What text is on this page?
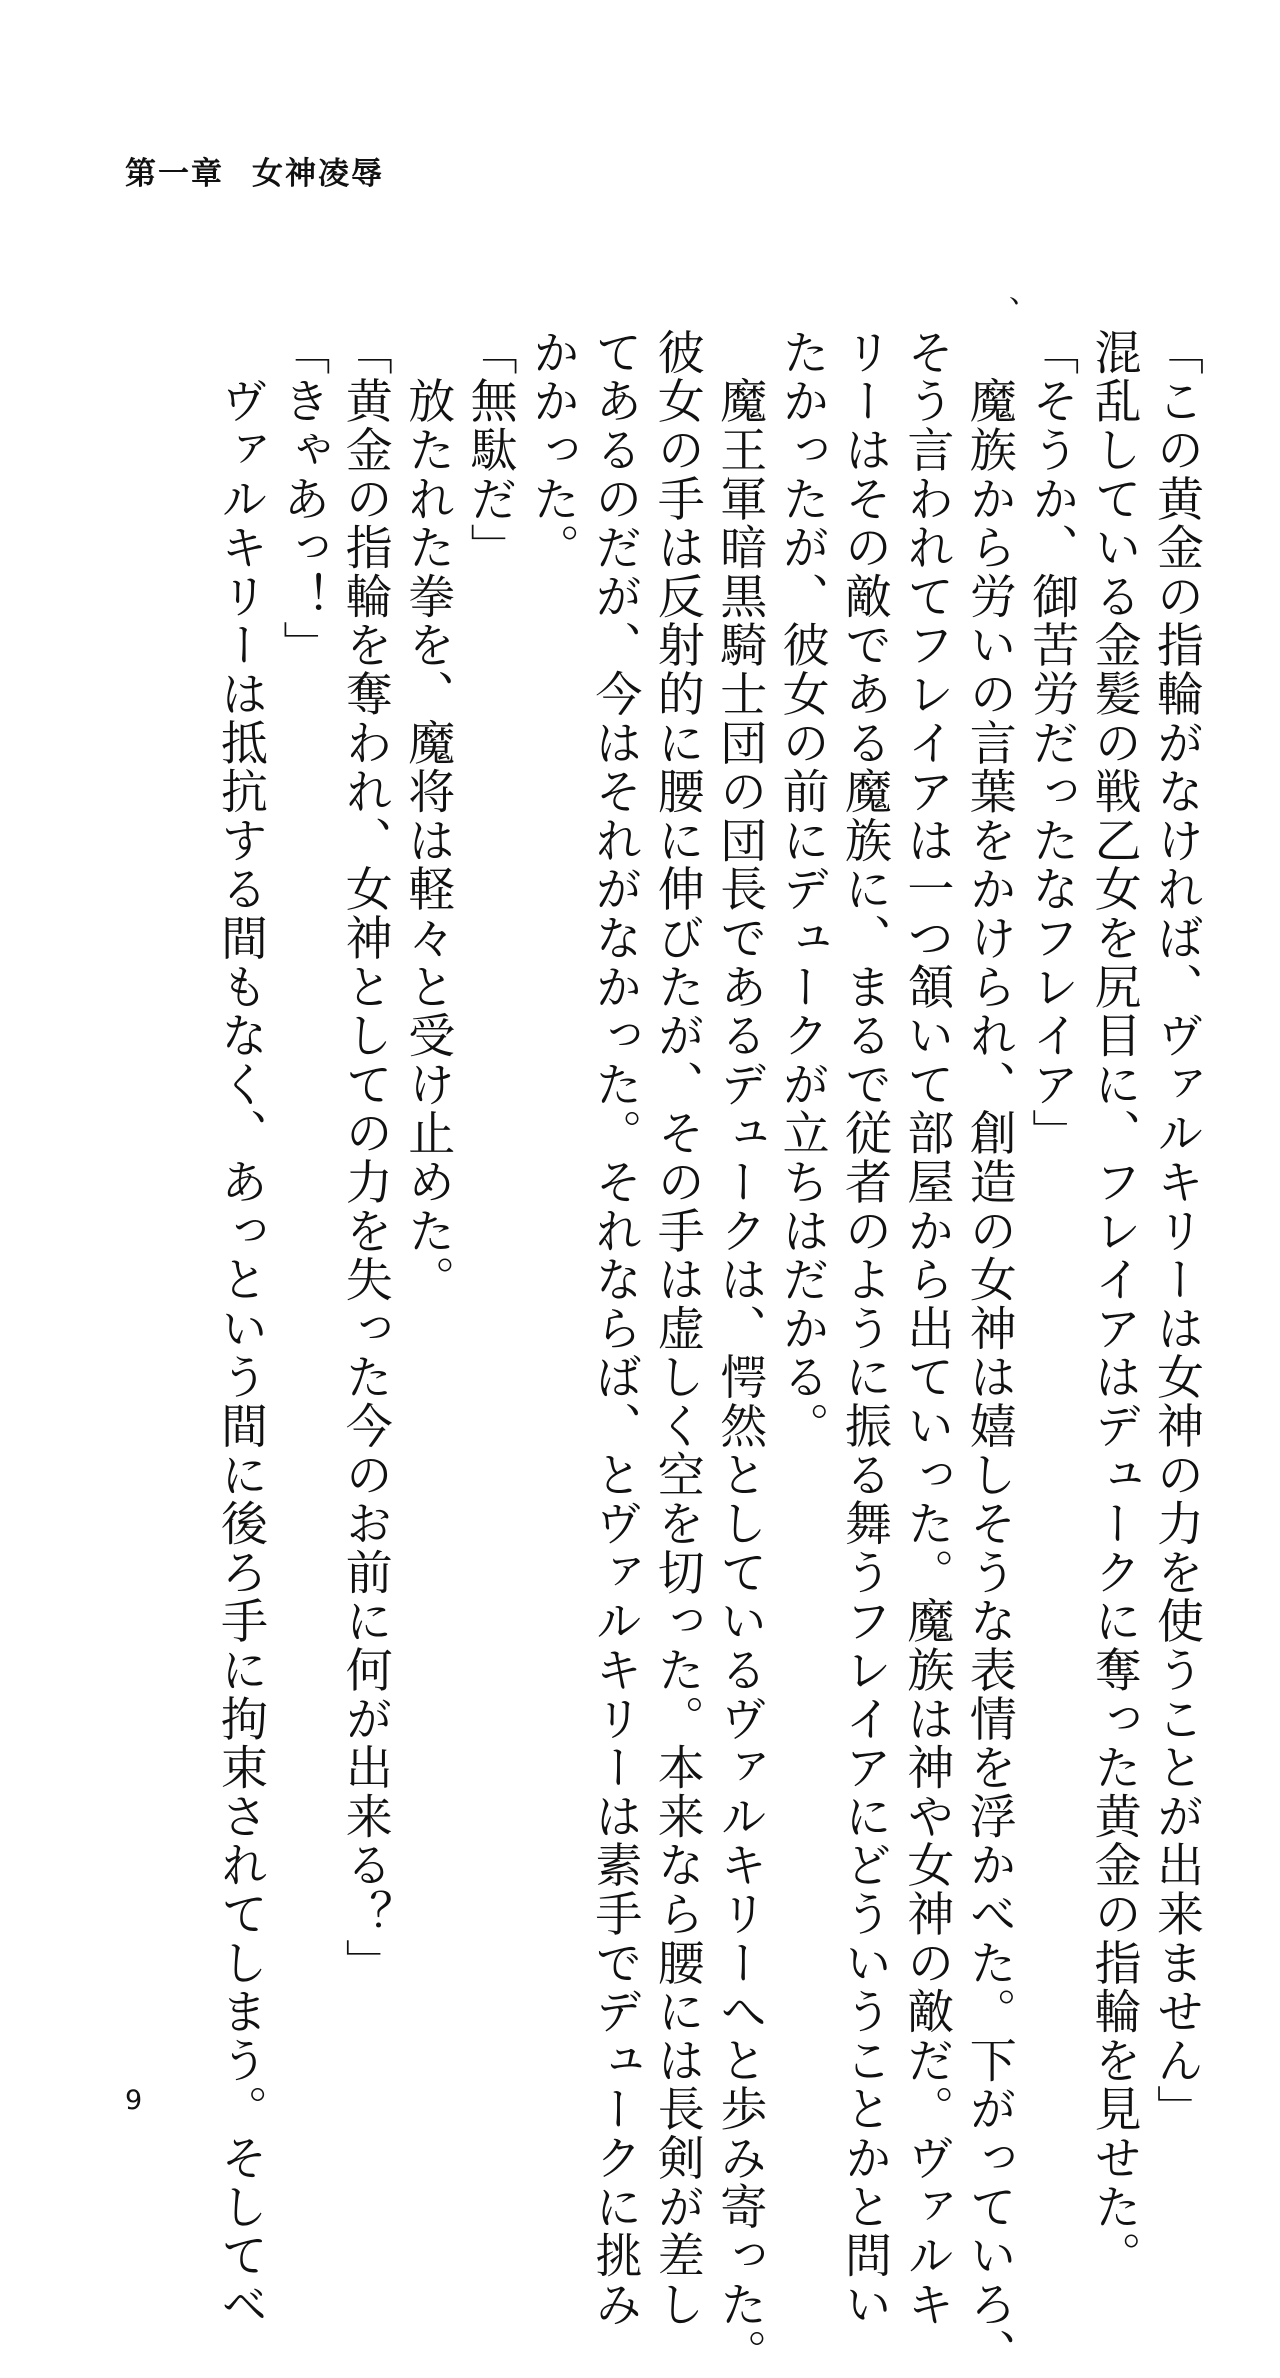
第一章 女神凌辱
、
「この黄金の指輪がなければ、ヴァルキリーは女神の力を使うことが出来ません」
混乱している金髪の戦乙女を尻目に、フレイアはデュークに奪った黄金の指輪を見せた。
「そうか、御苦労だったなフレイア」
　魔族から労いの言葉をかけられ、創造の女神は嬉しそうな表情を浮かべた。下がっていろ、
そう言われてフレイアは一つ頷いて部屋から出ていった。魔族は神や女神の敵だ。ヴァルキ
リーはその敵である魔族に、まるで従者のように振る舞うフレイアにどういうことかと問い
たかったが、彼女の前にデュークが立ちはだかる。
　魔王軍暗黒騎士団の団長であるデュークは、愕然としているヴァルキリーへと歩み寄った。
彼女の手は反射的に腰に伸びたが、その手は虚しく空を切った。本来なら腰には長剣が差し
てあるのだが、今はそれがなかった。それならば、とヴァルキリーは素手でデュークに挑み
かかった。
「無駄だ」
　放たれた拳を、魔将は軽々と受け止めた。
「黄金の指輪を奪われ、女神としての力を失った今のお前に何が出来る？」
「きゃあっ！」
　ヴァルキリーは抵抗する間もなく、あっという間に後ろ手に拘束されてしまう。そしてベ
9
